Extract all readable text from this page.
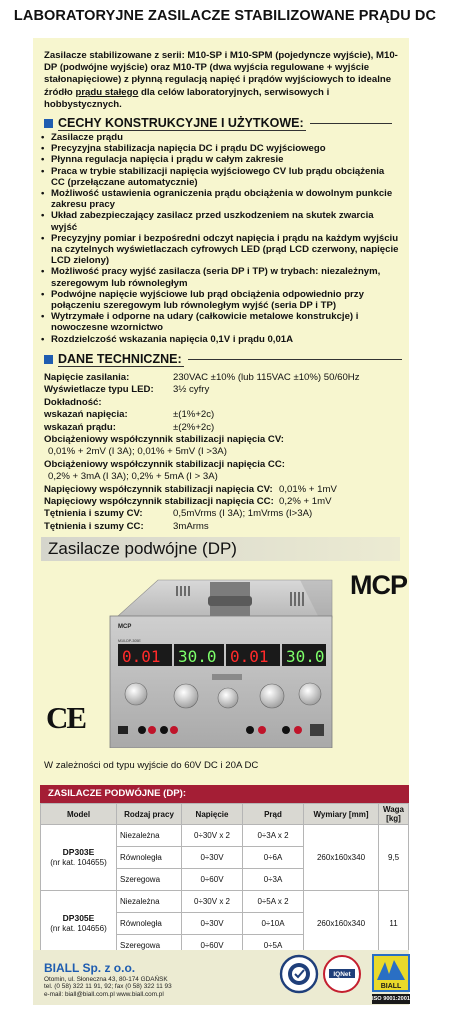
LABORATORYJNE ZASILACZE STABILIZOWANE PRĄDU DC
Zasilacze stabilizowane z serii: M10-SP i M10-SPM (pojedyncze wyjście), M10-DP (podwójne wyjście) oraz M10-TP (dwa wyjścia regulowane + wyjście stałonapięciowe) z płynną regulacją napięć i prądów wyjściowych to idealne źródło prądu stałego dla celów laboratoryjnych, serwisowych i hobbystycznych.
CECHY KONSTRUKCYJNE I UŻYTKOWE:
• Zasilacze prądu
• Precyzyjna stabilizacja napięcia DC i prądu DC wyjściowego
• Płynna regulacja napięcia i prądu w całym zakresie
• Praca w trybie stabilizacji napięcia wyjściowego CV lub prądu obciążenia CC (przełączane automatycznie)
• Możliwość ustawienia ograniczenia prądu obciążenia w dowolnym punkcie zakresu pracy
• Układ zabezpieczający zasilacz przed uszkodzeniem na skutek zwarcia wyjść
• Precyzyjny pomiar i bezpośredni odczyt napięcia i prądu na każdym wyjściu na czytelnych wyświetlaczach cyfrowych LED (prąd LCD czerwony, napięcie LCD zielony)
• Możliwość pracy wyjść zasilacza (seria DP i TP) w trybach: niezależnym, szeregowym lub równoległym
• Podwójne napięcie wyjściowe lub prąd obciążenia odpowiednio przy połączeniu szeregowym lub równoległym wyjść (seria DP i TP)
• Wytrzymałe i odporne na udary (całkowicie metalowe konstrukcje) i nowoczesne wzornictwo
• Rozdzielczość wskazania napięcia 0,1V i prądu 0,01A
DANE TECHNICZNE:
Napięcie zasilania:	230VAC ±10% (lub 115VAC ±10%) 50/60Hz
Wyświetlacze typu LED:	3½ cyfry
Dokładność:
wskazań napięcia:	±(1%+2c)
wskazań prądu:	±(2%+2c)
Obciążeniowy współczynnik stabilizacji napięcia CV:
0,01% + 2mV (I 3A); 0,01% + 5mV (I >3A)
Obciążeniowy współczynnik stabilizacji napięcia CC:
0,2% + 3mA (I 3A); 0,2% + 5mA (I > 3A)
Napięciowy współczynnik stabilizacji napięcia CV: 0,01% + 1mV
Napięciowy współczynnik stabilizacji napięcia CC: 0,2% + 1mV
Tętnienia i szumy CV:	0,5mVrms (I 3A); 1mVrms (I>3A)
Tętnienia i szumy CC:	3mArms
Zasilacze podwójne (DP)
MCP
MCP
M10-DP-305E
0.01 30.0 0.01 30.0
CE
W zależności od typu wyjście do 60V DC i 20A DC
ZASILACZE PODWÓJNE (DP):
Model	Rodzaj pracy	Napięcie	Prąd	Wymiary [mm]	Waga [kg]
DP303E
(nr kat. 104655)	Niezależna	0÷30V x 2	0÷3A x 2	260x160x340	9,5
	Równoległa	0÷30V	0÷6A		
	Szeregowa	0÷60V	0÷3A		
DP305E
(nr kat. 104656)	Niezależna	0÷30V x 2	0÷5A x 2	260x160x340	11
	Równoległa	0÷30V	0÷10A		
	Szeregowa	0÷60V	0÷5A		
BIALL Sp. z o.o.
Otomin, ul. Słoneczna 43, 80-174 GDAŃSK
tel. (0 58) 322 11 91, 92; fax (0 58) 322 11 93
e-mail: biall@biall.com.pl www.biall.com.pl
IQNet
BIALL
ISO 9001:2001
